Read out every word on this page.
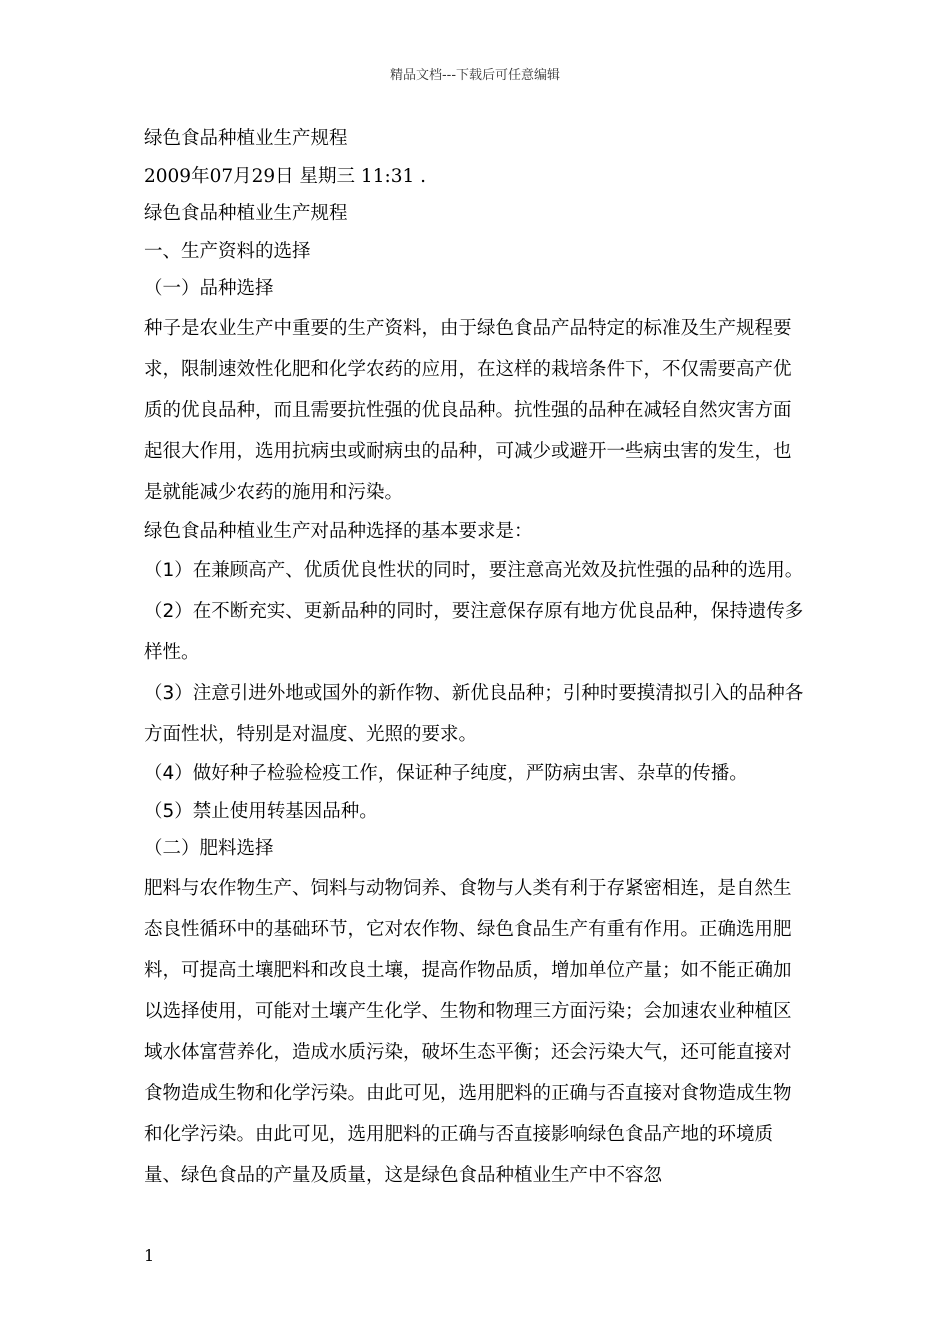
精品文档---下载后可任意编辑
绿色食品种植业生产规程
2009年07月29日 星期三 11:31 .
绿色食品种植业生产规程
一、生产资料的选择
（一）品种选择
种子是农业生产中重要的生产资料，由于绿色食品产品特定的标准及生产规程要求，限制速效性化肥和化学农药的应用，在这样的栽培条件下，不仅需要高产优质的优良品种，而且需要抗性强的优良品种。抗性强的品种在减轻自然灾害方面起很大作用，选用抗病虫或耐病虫的品种，可减少或避开一些病虫害的发生，也是就能减少农药的施用和污染。
绿色食品种植业生产对品种选择的基本要求是：
（1）在兼顾高产、优质优良性状的同时，要注意高光效及抗性强的品种的选用。
（2）在不断充实、更新品种的同时，要注意保存原有地方优良品种，保持遗传多样性。
（3）注意引进外地或国外的新作物、新优良品种；引种时要摸清拟引入的品种各方面性状，特别是对温度、光照的要求。
（4）做好种子检验检疫工作，保证种子纯度，严防病虫害、杂草的传播。
（5）禁止使用转基因品种。
（二）肥料选择
肥料与农作物生产、饲料与动物饲养、食物与人类有利于存紧密相连，是自然生态良性循环中的基础环节，它对农作物、绿色食品生产有重有作用。正确选用肥料，可提高土壤肥料和改良土壤，提高作物品质，增加单位产量；如不能正确加以选择使用，可能对土壤产生化学、生物和物理三方面污染；会加速农业种植区域水体富营养化，造成水质污染，破坏生态平衡；还会污染大气，还可能直接对食物造成生物和化学污染。由此可见，选用肥料的正确与否直接对食物造成生物和化学污染。由此可见，选用肥料的正确与否直接影响绿色食品产地的环境质量、绿色食品的产量及质量，这是绿色食品种植业生产中不容忽
1
